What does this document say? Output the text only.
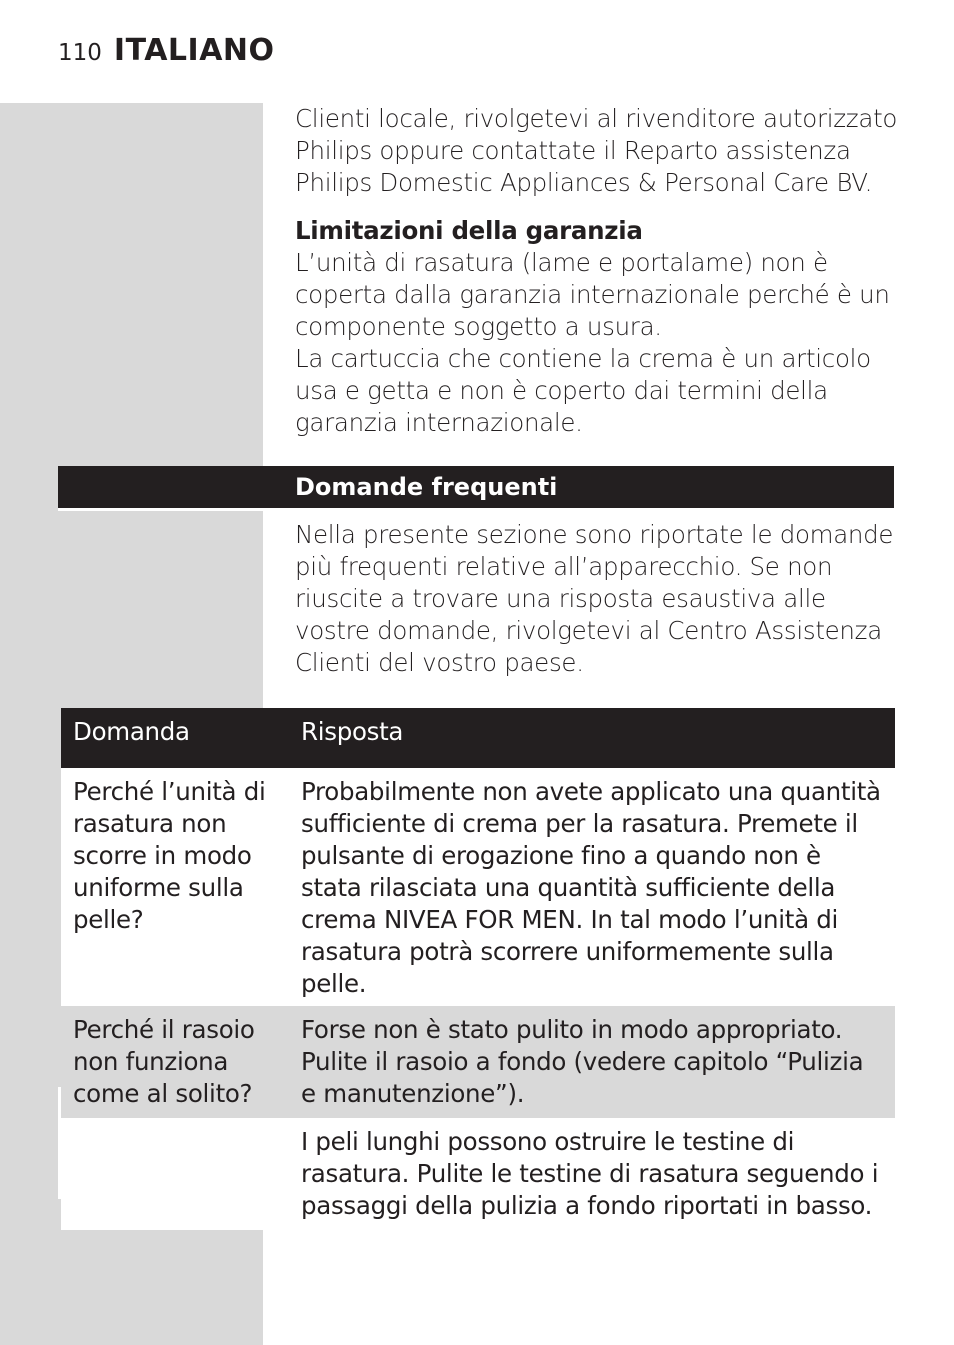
110 ITALIANO

Clienti locale, rivolgetevi al rivenditore autorizzato Philips oppure contattate il Reparto assistenza Philips Domestic Appliances & Personal Care BV.

Limitazioni della garanzia

L’unità di rasatura (lame e portalame) non è coperta dalla garanzia internazionale perché è un componente soggetto a usura.

La cartuccia che contiene la crema è un articolo usa e getta e non è coperto dai termini della garanzia internazionale.

Domande frequenti

Nella presente sezione sono riportate le domande più frequenti relative all’apparecchio. Se non riuscite a trovare una risposta esaustiva alle vostre domande, rivolgetevi al Centro Assistenza Clienti del vostro paese.

Domanda	Risposta
Perché l’unità di rasatura non scorre in modo uniforme sulla pelle?	Probabilmente non avete applicato una quantità sufficiente di crema per la rasatura. Premete il pulsante di erogazione fino a quando non è stata rilasciata una quantità sufficiente della crema NIVEA FOR MEN. In tal modo l’unità di rasatura potrà scorrere uniformemente sulla pelle.
Perché il rasoio non funziona come al solito?	Forse non è stato pulito in modo appropriato. Pulite il rasoio a fondo (vedere capitolo “Pulizia e manutenzione”).
	I peli lunghi possono ostruire le testine di rasatura. Pulite le testine di rasatura seguendo i passaggi della pulizia a fondo riportati in basso.
